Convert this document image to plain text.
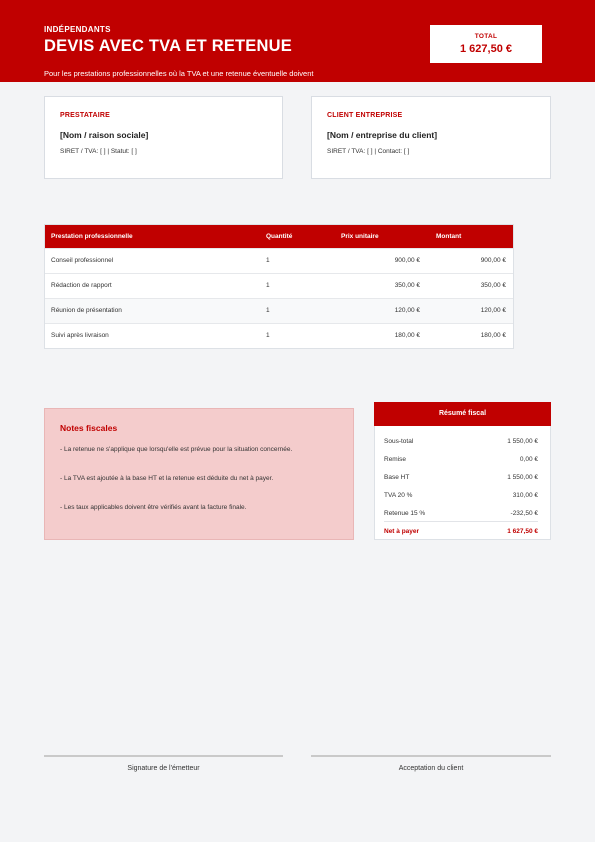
INDÉPENDANTS
DEVIS AVEC TVA ET RETENUE
Pour les prestations professionnelles où la TVA et une retenue éventuelle doivent
TOTAL
1 627,50 €
PRESTATAIRE
[Nom / raison sociale]
SIRET / TVA: [ ] | Statut: [ ]
CLIENT ENTREPRISE
[Nom / entreprise du client]
SIRET / TVA: [ ] | Contact: [ ]
Prestation professionnelle	Quantité	Prix unitaire	Montant
Conseil professionnel	1	900,00 €	900,00 €
Rédaction de rapport	1	350,00 €	350,00 €
Réunion de présentation	1	120,00 €	120,00 €
Suivi après livraison	1	180,00 €	180,00 €
Notes fiscales
- La retenue ne s'applique que lorsqu'elle est prévue pour la situation concernée.
- La TVA est ajoutée à la base HT et la retenue est déduite du net à payer.
- Les taux applicables doivent être vérifiés avant la facture finale.
Résumé fiscal
Sous-total	1 550,00 €
Remise	0,00 €
Base HT	1 550,00 €
TVA 20 %	310,00 €
Retenue 15 %	-232,50 €
Net à payer	1 627,50 €
Signature de l'émetteur	Acceptation du client
